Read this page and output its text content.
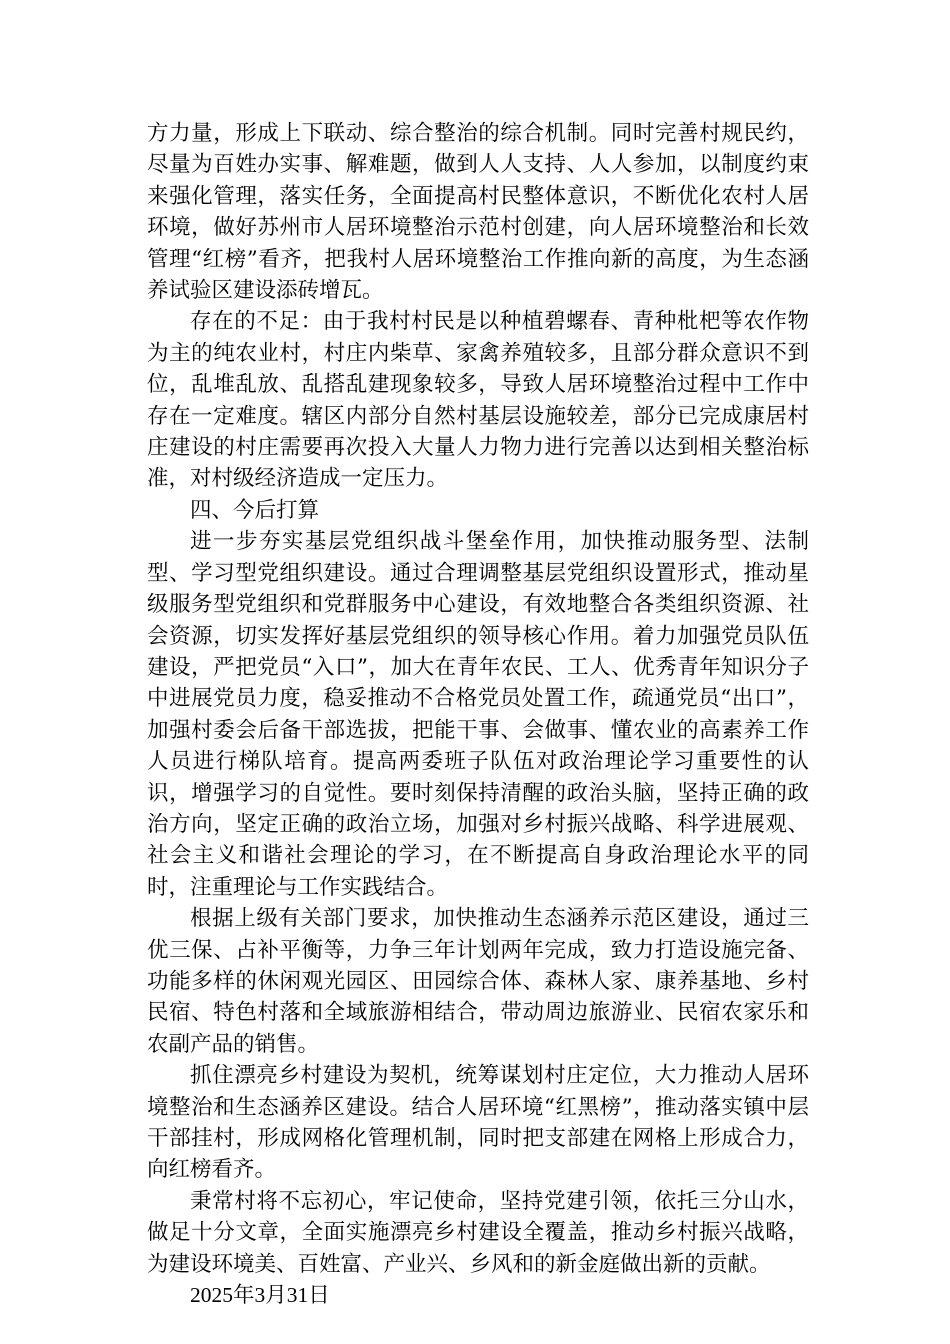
方力量，形成上下联动、综合整治的综合机制。同时完善村规民约，尽量为百姓办实事、解难题，做到人人支持、人人参加，以制度约束来强化管理，落实任务，全面提高村民整体意识，不断优化农村人居环境，做好苏州市人居环境整治示范村创建，向人居环境整治和长效管理“红榜”看齐，把我村人居环境整治工作推向新的高度，为生态涵养试验区建设添砖增瓦。

存在的不足：由于我村村民是以种植碧螺春、青种枇杷等农作物为主的纯农业村，村庄内柴草、家禽养殖较多，且部分群众意识不到位，乱堆乱放、乱搭乱建现象较多，导致人居环境整治过程中工作中存在一定难度。辖区内部分自然村基层设施较差，部分已完成康居村庄建设的村庄需要再次投入大量人力物力进行完善以达到相关整治标准，对村级经济造成一定压力。

四、今后打算

进一步夯实基层党组织战斗堡垒作用，加快推动服务型、法制型、学习型党组织建设。通过合理调整基层党组织设置形式，推动星级服务型党组织和党群服务中心建设，有效地整合各类组织资源、社会资源，切实发挥好基层党组织的领导核心作用。着力加强党员队伍建设，严把党员“入口”，加大在青年农民、工人、优秀青年知识分子中进展党员力度，稳妥推动不合格党员处置工作，疏通党员“出口”，加强村委会后备干部选拔，把能干事、会做事、懂农业的高素养工作人员进行梯队培育。提高两委班子队伍对政治理论学习重要性的认识，增强学习的自觉性。要时刻保持清醒的政治头脑，坚持正确的政治方向，坚定正确的政治立场，加强对乡村振兴战略、科学进展观、社会主义和谐社会理论的学习，在不断提高自身政治理论水平的同时，注重理论与工作实践结合。

根据上级有关部门要求，加快推动生态涵养示范区建设，通过三优三保、占补平衡等，力争三年计划两年完成，致力打造设施完备、功能多样的休闲观光园区、田园综合体、森林人家、康养基地、乡村民宿、特色村落和全域旅游相结合，带动周边旅游业、民宿农家乐和农副产品的销售。

抓住漂亮乡村建设为契机，统筹谋划村庄定位，大力推动人居环境整治和生态涵养区建设。结合人居环境“红黑榜”，推动落实镇中层干部挂村，形成网格化管理机制，同时把支部建在网格上形成合力，向红榜看齐。

秉常村将不忘初心，牢记使命，坚持党建引领，依托三分山水，做足十分文章，全面实施漂亮乡村建设全覆盖，推动乡村振兴战略，为建设环境美、百姓富、产业兴、乡风和的新金庭做出新的贡献。

2025年3月31日
